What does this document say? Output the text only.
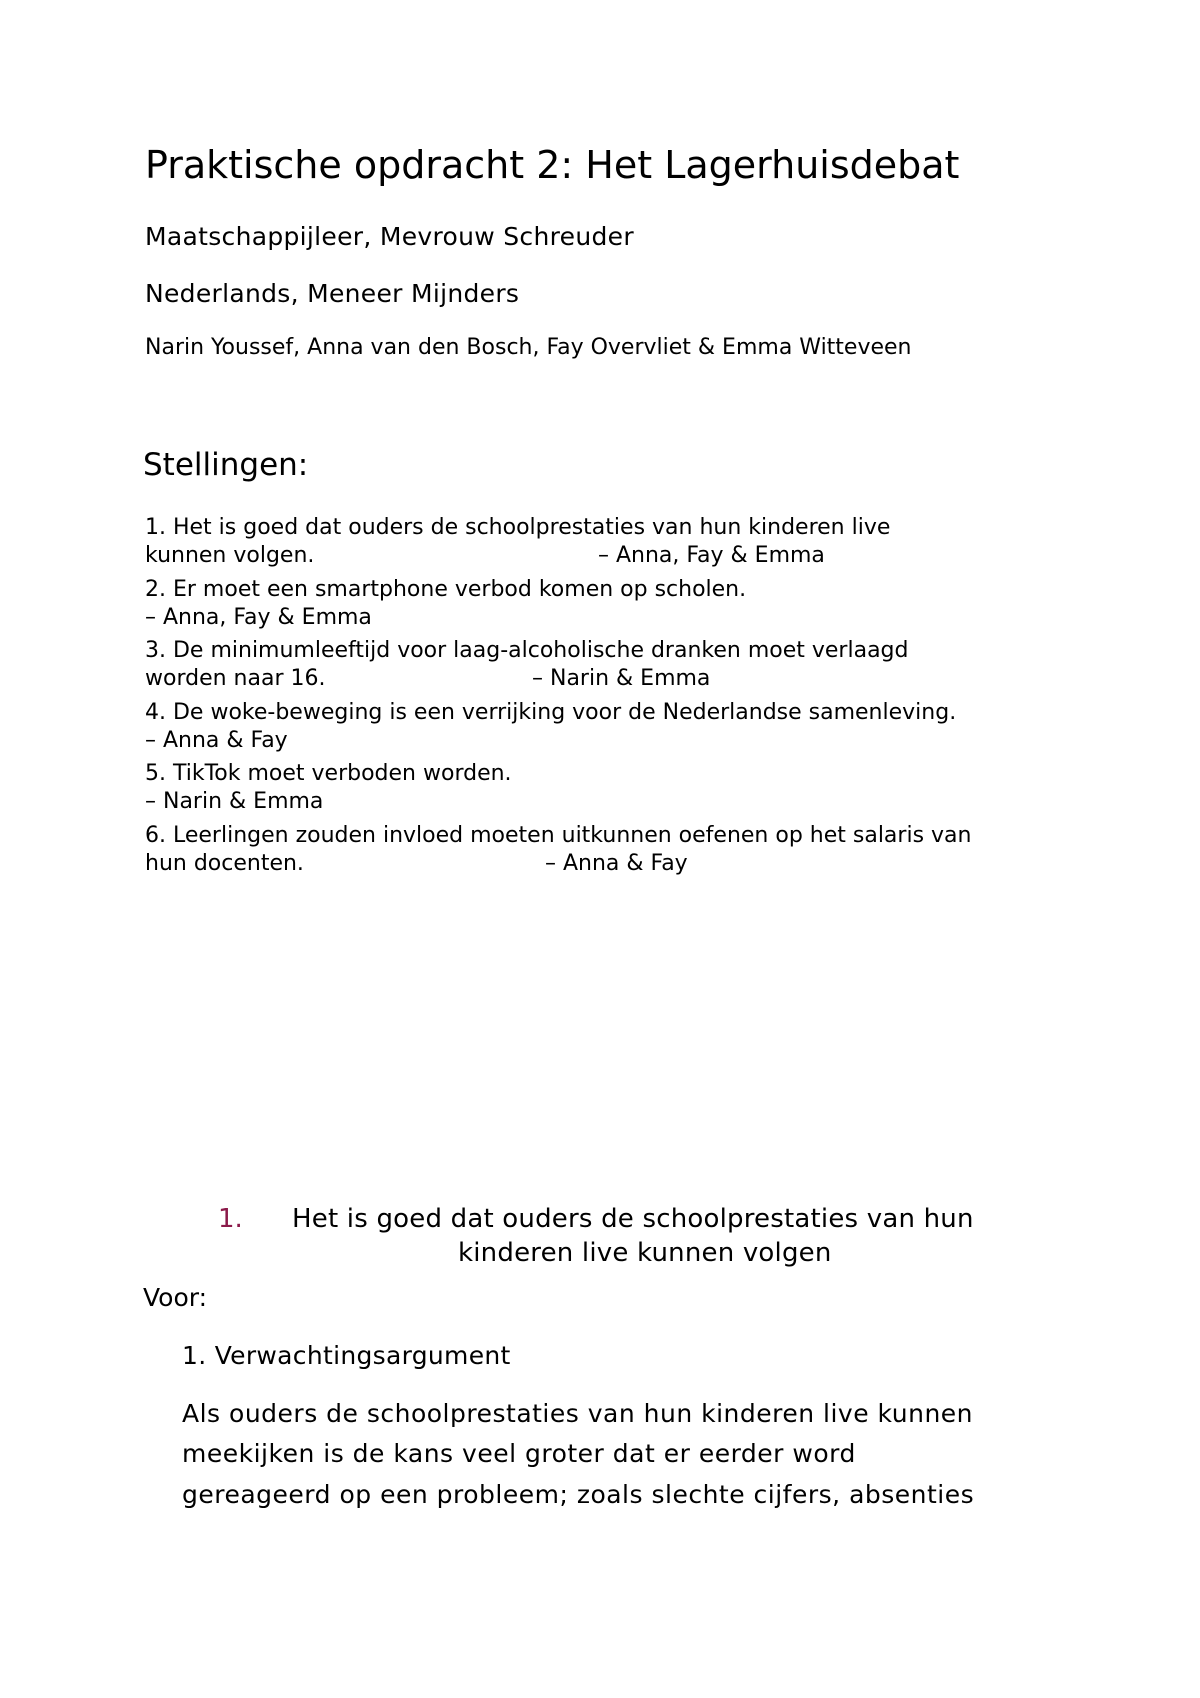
Praktische opdracht 2: Het Lagerhuisdebat
Maatschappijleer, Mevrouw Schreuder
Nederlands, Meneer Mijnders
Narin Youssef, Anna van den Bosch, Fay Overvliet & Emma Witteveen
Stellingen:
1. Het is goed dat ouders de schoolprestaties van hun kinderen live
kunnen volgen.	– Anna, Fay & Emma
2. Er moet een smartphone verbod komen op scholen.
– Anna, Fay & Emma
3. De minimumleeftijd voor laag-alcoholische dranken moet verlaagd
worden naar 16.	– Narin & Emma
4. De woke-beweging is een verrijking voor de Nederlandse samenleving.
– Anna & Fay
5. TikTok moet verboden worden.
– Narin & Emma
6. Leerlingen zouden invloed moeten uitkunnen oefenen op het salaris van
hun docenten.	– Anna & Fay
1. Het is goed dat ouders de schoolprestaties van hun
kinderen live kunnen volgen
Voor:
1. Verwachtingsargument
Als ouders de schoolprestaties van hun kinderen live kunnen
meekijken is de kans veel groter dat er eerder word
gereageerd op een probleem; zoals slechte cijfers, absenties
